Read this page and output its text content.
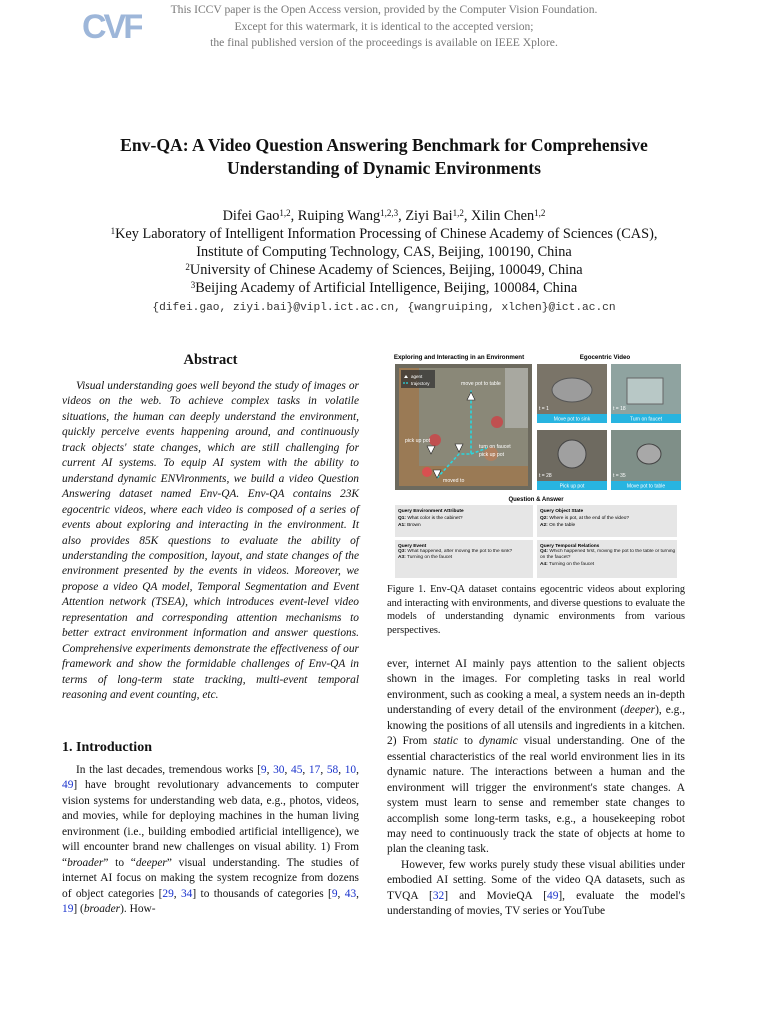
This ICCV paper is the Open Access version, provided by the Computer Vision Foundation.
Except for this watermark, it is identical to the accepted version;
the final published version of the proceedings is available on IEEE Xplore.
CVF
Env-QA: A Video Question Answering Benchmark for Comprehensive
Understanding of Dynamic Environments
Difei Gao$^{1,2}$, Ruiping Wang$^{1,2,3}$, Ziyi Bai$^{1,2}$, Xilin Chen$^{1,2}$
$^1$Key Laboratory of Intelligent Information Processing of Chinese Academy of Sciences (CAS),
Institute of Computing Technology, CAS, Beijing, 100190, China
$^2$University of Chinese Academy of Sciences, Beijing, 100049, China
$^3$Beijing Academy of Artificial Intelligence, Beijing, 100084, China
{difei.gao, ziyi.bai}@vipl.ict.ac.cn, {wangruiping, xlchen}@ict.ac.cn
Abstract

Visual understanding goes well beyond the study of images or videos on the web. To achieve complex tasks in volatile situations, the human can deeply understand the environment, quickly perceive events happening around, and continuously track objects' state changes, which are still challenging for current AI systems. To equip AI system with the ability to understand dynamic ENVironments, we build a video Question Answering dataset named Env-QA. Env-QA contains 23K egocentric videos, where each video is composed of a series of events about exploring and interacting in the environment. It also provides 85K questions to evaluate the ability of understanding the composition, layout, and state changes of the environment presented by the events in videos. Moreover, we propose a video QA model, Temporal Segmentation and Event Attention network (TSEA), which introduces event-level video representation and corresponding attention mechanisms to better extract environment information and answer questions. Comprehensive experiments demonstrate the effectiveness of our framework and show the formidable challenges of Env-QA in terms of long-term state tracking, multi-event temporal reasoning and event counting, etc.

1. Introduction

In the last decades, tremendous works [9, 30, 45, 17, 58, 10, 49] have brought revolutionary advancements to computer vision systems for understanding web data, e.g., photos, videos, and movies, while for deploying machines in the human living environment (i.e., building embodied artificial intelligence), we will encounter brand new challenges on visual ability. 1) From “broader” to “deeper” visual understanding. The studies of internet AI focus on making the system recognize from dozens of object categories [29, 34] to thousands of categories [9, 43, 19] (broader). How-

Exploring and Interacting in an Environment	Egocentric Video
agent
trajectory	move pot to table
pick up pot
turn on faucet
pick up pot
moved to
t = 1
Move pot to sink
t = 18
Turn on faucet
t = 28
Pick up pot
t = 35
Move pot to table
Question & Answer
Query Environment Attribute
Q1: What color is the cabinet?
A1: Brown
Query Object State
Q2: Where is pot, at the end of the video?
A2: On the table
Query Event
Q3: What happened, after moving the pot to the sink?
A3: Turning on the faucet
Query Temporal Relations
Q4: Which happened first, moving the pot to the table or turning on the faucet?
A4: Turning on the faucet
Figure 1. Env-QA dataset contains egocentric videos about exploring and interacting with environments, and diverse questions to evaluate the models of understanding dynamic environments from various perspectives.

ever, internet AI mainly pays attention to the salient objects shown in the images. For completing tasks in real world environment, such as cooking a meal, a system needs an in-depth understanding of every detail of the environment (deeper), e.g., knowing the positions of all utensils and ingredients in a kitchen. 2) From static to dynamic visual understanding. One of the essential characteristics of the real world environment lies in its dynamic nature. The interactions between a human and the environment will trigger the environment's state changes. A system must learn to sense and remember state changes to accomplish some long-term tasks, e.g., a housekeeping robot may need to continuously track the state of objects at home to plan the cleaning task.

However, few works purely study these visual abilities under embodied AI setting. Some of the video QA datasets, such as TVQA [32] and MovieQA [49], evaluate the model's understanding of movies, TV series or YouTube
